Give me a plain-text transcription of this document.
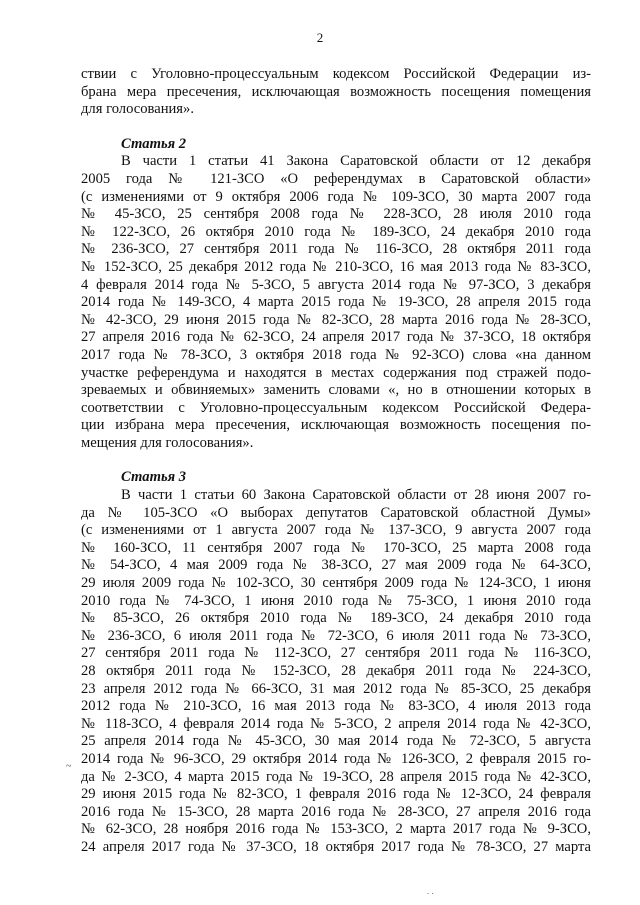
2
ствии с Уголовно-процессуальным кодексом Российской Федерации из-
брана мера пресечения, исключающая возможность посещения помещения
для голосования».
Статья 2
В части 1 статьи 41 Закона Саратовской области от 12 декабря
2005 года № 121-ЗСО «О референдумах в Саратовской области»
(с изменениями от 9 октября 2006 года № 109-ЗСО, 30 марта 2007 года
№ 45-ЗСО, 25 сентября 2008 года № 228-ЗСО, 28 июля 2010 года
№ 122-ЗСО, 26 октября 2010 года № 189-ЗСО, 24 декабря 2010 года
№ 236-ЗСО, 27 сентября 2011 года № 116-ЗСО, 28 октября 2011 года
№ 152-ЗСО, 25 декабря 2012 года № 210-ЗСО, 16 мая 2013 года № 83-ЗСО,
4 февраля 2014 года № 5-ЗСО, 5 августа 2014 года № 97-ЗСО, 3 декабря
2014 года № 149-ЗСО, 4 марта 2015 года № 19-ЗСО, 28 апреля 2015 года
№ 42-ЗСО, 29 июня 2015 года № 82-ЗСО, 28 марта 2016 года № 28-ЗСО,
27 апреля 2016 года № 62-ЗСО, 24 апреля 2017 года № 37-ЗСО, 18 октября
2017 года № 78-ЗСО, 3 октября 2018 года № 92-ЗСО) слова «на данном
участке референдума и находятся в местах содержания под стражей подо-
зреваемых и обвиняемых» заменить словами «, но в отношении которых в
соответствии с Уголовно-процессуальным кодексом Российской Федера-
ции избрана мера пресечения, исключающая возможность посещения по-
мещения для голосования».
Статья 3
В части 1 статьи 60 Закона Саратовской области от 28 июня 2007 го-
да № 105-ЗСО «О выборах депутатов Саратовской областной Думы»
(с изменениями от 1 августа 2007 года № 137-ЗСО, 9 августа 2007 года
№ 160-ЗСО, 11 сентября 2007 года № 170-ЗСО, 25 марта 2008 года
№ 54-ЗСО, 4 мая 2009 года № 38-ЗСО, 27 мая 2009 года № 64-ЗСО,
29 июля 2009 года № 102-ЗСО, 30 сентября 2009 года № 124-ЗСО, 1 июня
2010 года № 74-ЗСО, 1 июня 2010 года № 75-ЗСО, 1 июня 2010 года
№ 85-ЗСО, 26 октября 2010 года № 189-ЗСО, 24 декабря 2010 года
№ 236-ЗСО, 6 июля 2011 года № 72-ЗСО, 6 июля 2011 года № 73-ЗСО,
27 сентября 2011 года № 112-ЗСО, 27 сентября 2011 года № 116-ЗСО,
28 октября 2011 года № 152-ЗСО, 28 декабря 2011 года № 224-ЗСО,
23 апреля 2012 года № 66-ЗСО, 31 мая 2012 года № 85-ЗСО, 25 декабря
2012 года № 210-ЗСО, 16 мая 2013 года № 83-ЗСО, 4 июля 2013 года
№ 118-ЗСО, 4 февраля 2014 года № 5-ЗСО, 2 апреля 2014 года № 42-ЗСО,
25 апреля 2014 года № 45-ЗСО, 30 мая 2014 года № 72-ЗСО, 5 августа
2014 года № 96-ЗСО, 29 октября 2014 года № 126-ЗСО, 2 февраля 2015 го-
да № 2-ЗСО, 4 марта 2015 года № 19-ЗСО, 28 апреля 2015 года № 42-ЗСО,
29 июня 2015 года № 82-ЗСО, 1 февраля 2016 года № 12-ЗСО, 24 февраля
2016 года № 15-ЗСО, 28 марта 2016 года № 28-ЗСО, 27 апреля 2016 года
№ 62-ЗСО, 28 ноября 2016 года № 153-ЗСО, 2 марта 2017 года № 9-ЗСО,
24 апреля 2017 года № 37-ЗСО, 18 октября 2017 года № 78-ЗСО, 27 марта
~
. .
